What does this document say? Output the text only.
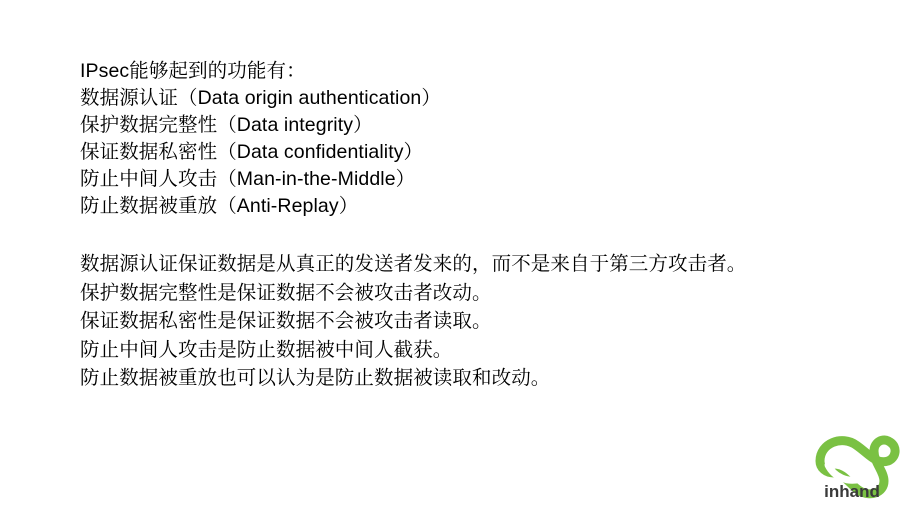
IPsec能够起到的功能有：
数据源认证（Data origin authentication）
保护数据完整性（Data integrity）
保证数据私密性（Data confidentiality）
防止中间人攻击（Man-in-the-Middle）
防止数据被重放（Anti-Replay）
数据源认证保证数据是从真正的发送者发来的，而不是来自于第三方攻击者。
保护数据完整性是保证数据不会被攻击者改动。
保证数据私密性是保证数据不会被攻击者读取。
防止中间人攻击是防止数据被中间人截获。
防止数据被重放也可以认为是防止数据被读取和改动。
inhand
